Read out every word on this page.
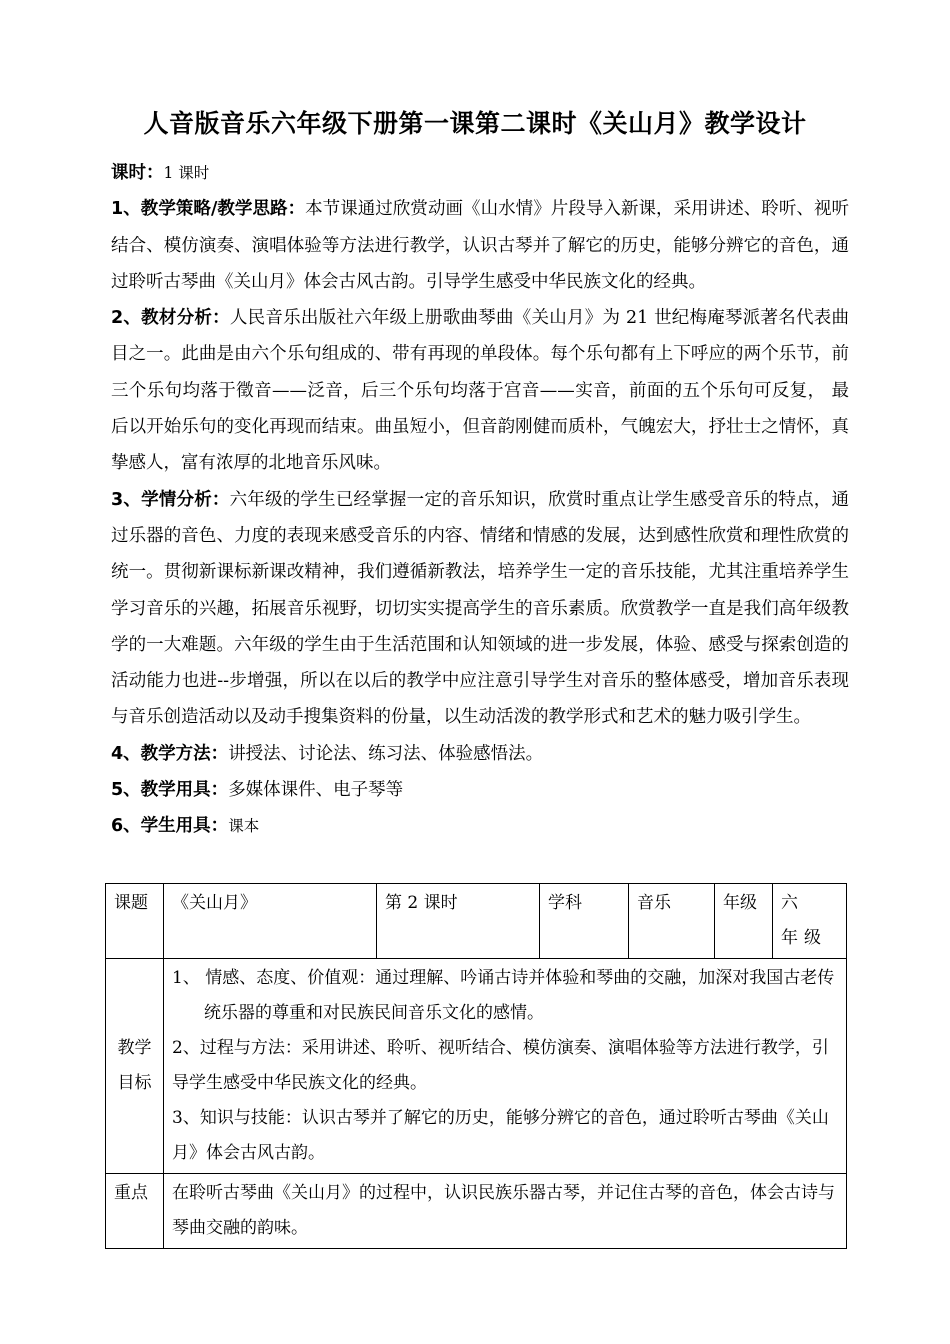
人音版音乐六年级下册第一课第二课时《关山月》教学设计

课时：1 课时

1、教学策略/教学思路：本节课通过欣赏动画《山水情》片段导入新课，采用讲述、聆听、视听结合、模仿演奏、演唱体验等方法进行教学，认识古琴并了解它的历史，能够分辨它的音色，通过聆听古琴曲《关山月》体会古风古韵。引导学生感受中华民族文化的经典。

2、教材分析：人民音乐出版社六年级上册歌曲琴曲《关山月》为 21 世纪梅庵琴派著名代表曲目之一。此曲是由六个乐句组成的、带有再现的单段体。每个乐句都有上下呼应的两个乐节，前三个乐句均落于徵音——泛音，后三个乐句均落于宫音——实音，前面的五个乐句可反复， 最后以开始乐句的变化再现而结束。曲虽短小，但音韵刚健而质朴，气魄宏大，抒壮士之情怀，真挚感人，富有浓厚的北地音乐风味。

3、学情分析：六年级的学生已经掌握一定的音乐知识，欣赏时重点让学生感受音乐的特点，通过乐器的音色、力度的表现来感受音乐的内容、情绪和情感的发展，达到感性欣赏和理性欣赏的统一。贯彻新课标新课改精神，我们遵循新教法，培养学生一定的音乐技能，尤其注重培养学生学习音乐的兴趣，拓展音乐视野，切切实实提高学生的音乐素质。欣赏教学一直是我们高年级教学的一大难题。六年级的学生由于生活范围和认知领域的进一步发展，体验、感受与探索创造的活动能力也进--步增强，所以在以后的教学中应注意引导学生对音乐的整体感受，增加音乐表现与音乐创造活动以及动手搜集资料的份量，以生动活泼的教学形式和艺术的魅力吸引学生。

4、教学方法：讲授法、讨论法、练习法、体验感悟法。

5、教学用具：多媒体课件、电子琴等

6、学生用具：课本

课题	《关山月》	第 2 课时	学科	音乐	年级	六 年级
教学目标	1、 情感、态度、价值观：通过理解、吟诵古诗并体验和琴曲的交融，加深对我国古老传统乐器的尊重和对民族民间音乐文化的感情。
2、过程与方法：采用讲述、聆听、视听结合、模仿演奏、演唱体验等方法进行教学，引导学生感受中华民族文化的经典。
3、知识与技能：认识古琴并了解它的历史，能够分辨它的音色，通过聆听古琴曲《关山月》体会古风古韵。					

重点	在聆听古琴曲《关山月》的过程中，认识民族乐器古琴，并记住古琴的音色，体会古诗与琴曲交融的韵味。					
